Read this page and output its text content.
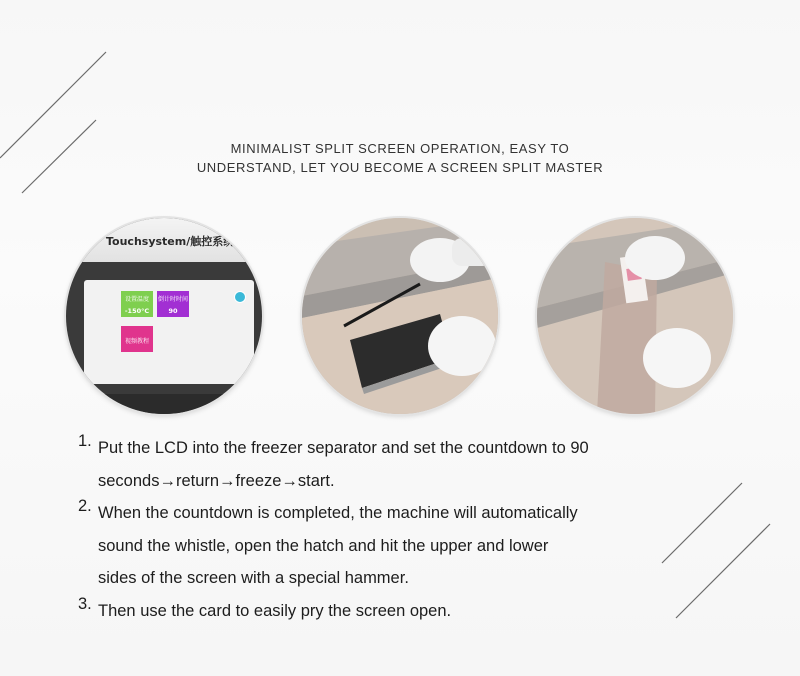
MINIMALIST SPLIT SCREEN OPERATION, EASY TO
UNDERSTAND, LET YOU BECOME A SCREEN SPLIT MASTER
Touchsystem/触控系统
设置温度
-150°C
倒计时时间
90
视频教程
1. Put the LCD into the freezer separator and set the countdown to 90
seconds→return→freeze→start.
2. When the countdown is completed, the machine will automatically
sound the whistle, open the hatch and hit the upper and lower
sides of the screen with a special hammer.
3. Then use the card to easily pry the screen open.
